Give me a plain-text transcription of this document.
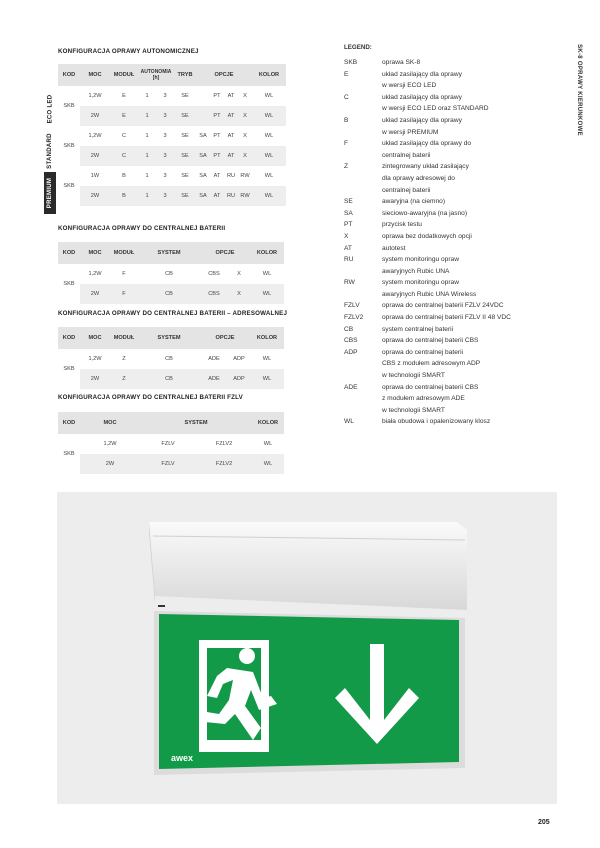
KONFIGURACJA OPRAWY AUTONOMICZNEJ
ECO LED
STANDARD
PREMIUM
KOD	MOC	MODUŁ	AUTONOMIA [h]		TRYB	OPCJE				KOLOR
SKB	1,2W	E	1	3	SE		PT	AT	X	WL
	2W	E	1	3	SE		PT	AT	X	WL
SKB	1,2W	C	1	3	SE	SA	PT	AT	X	WL
	2W	C	1	3	SE	SA	PT	AT	X	WL
SKB	1W	B	1	3	SE	SA	AT	RU	RW	WL
	2W	B	1	3	SE	SA	AT	RU	RW	WL
KONFIGURACJA OPRAWY DO CENTRALNEJ BATERII
KOD	MOC	MODUŁ	SYSTEM	OPCJE		KOLOR
SKB	1,2W	F	CB	CBS	X	WL
	2W	F	CB	CBS	X	WL
KONFIGURACJA OPRAWY DO CENTRALNEJ BATERII – ADRESOWALNEJ
KOD	MOC	MODUŁ	SYSTEM	OPCJE		KOLOR
SKB	1,2W	Z	CB	ADE	ADP	WL
	2W	Z	CB	ADE	ADP	WL
KONFIGURACJA OPRAWY DO CENTRALNEJ BATERII FZLV
KOD	MOC	SYSTEM		KOLOR
SKB	1,2W	FZLV	FZLV2	WL
	2W	FZLV	FZLV2	WL
LEGEND:
SKB	oprawa SK-8
E	układ zasilający dla oprawy
w wersji ECO LED
C	układ zasilający dla oprawy
w wersji ECO LED oraz STANDARD
B	układ zasilający dla oprawy
w wersji PREMIUM
F	układ zasilający dla oprawy do
centralnej baterii
Z	zintegrowany układ zasilający
dla oprawy adresowej do
centralnej baterii
SE	awaryjna (na ciemno)
SA	sieciowo-awaryjna (na jasno)
PT	przycisk testu
X	oprawa bez dodatkowych opcji
AT	autotest
RU	system monitoringu opraw
awaryjnych Rubic UNA
RW	system monitoringu opraw
awaryjnych Rubic UNA Wireless
FZLV	oprawa do centralnej baterii FZLV 24VDC
FZLV2	oprawa do centralnej baterii FZLV II 48 VDC
CB	system centralnej baterii
CBS	oprawa do centralnej baterii CBS
ADP	oprawa do centralnej baterii
CBS z modułem adresowym ADP
w technologii SMART
ADE	oprawa do centralnej baterii CBS
z modułem adresowym ADE
w technologii SMART
WL	biała obudowa i opalenizowany klosz
SK-8 OPRAWY KIERUNKOWE
awex
205
